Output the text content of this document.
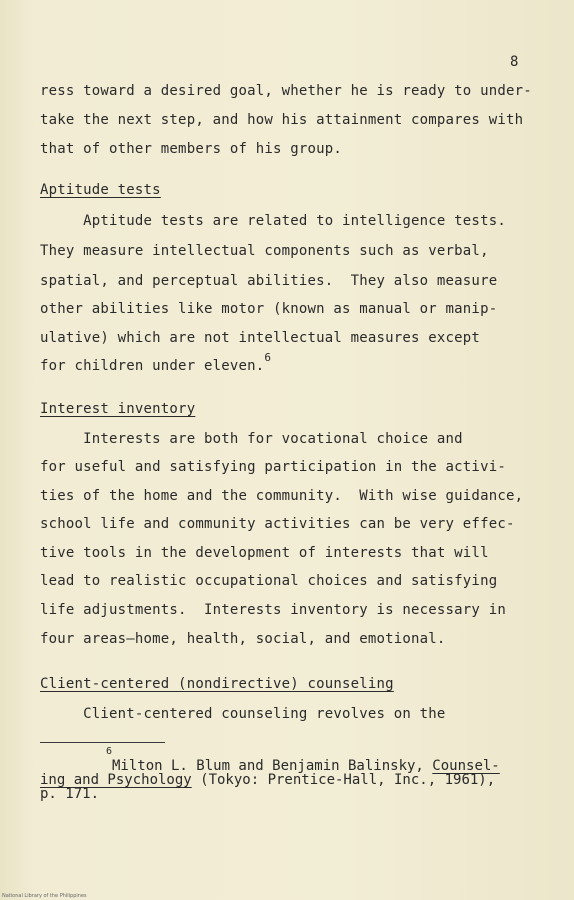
8
ress toward a desired goal, whether he is ready to under-
take the next step, and how his attainment compares with
that of other members of his group.
Aptitude tests
Aptitude tests are related to intelligence tests.
They measure intellectual components such as verbal,
spatial, and perceptual abilities.  They also measure
other abilities like motor (known as manual or manip-
ulative) which are not intellectual measures except
for children under eleven.$^6$
Interest inventory
Interests are both for vocational choice and
for useful and satisfying participation in the activi-
ties of the home and the community.  With wise guidance,
school life and community activities can be very effec-
tive tools in the development of interests that will
lead to realistic occupational choices and satisfying
life adjustments.  Interests inventory is necessary in
four areas—home, health, social, and emotional.
Client-centered (nondirective) counseling
Client-centered counseling revolves on the
6
Milton L. Blum and Benjamin Balinsky, Counsel-
ing and Psychology (Tokyo: Prentice-Hall, Inc., 1961),
p. 171.
National Library of the Philippines
